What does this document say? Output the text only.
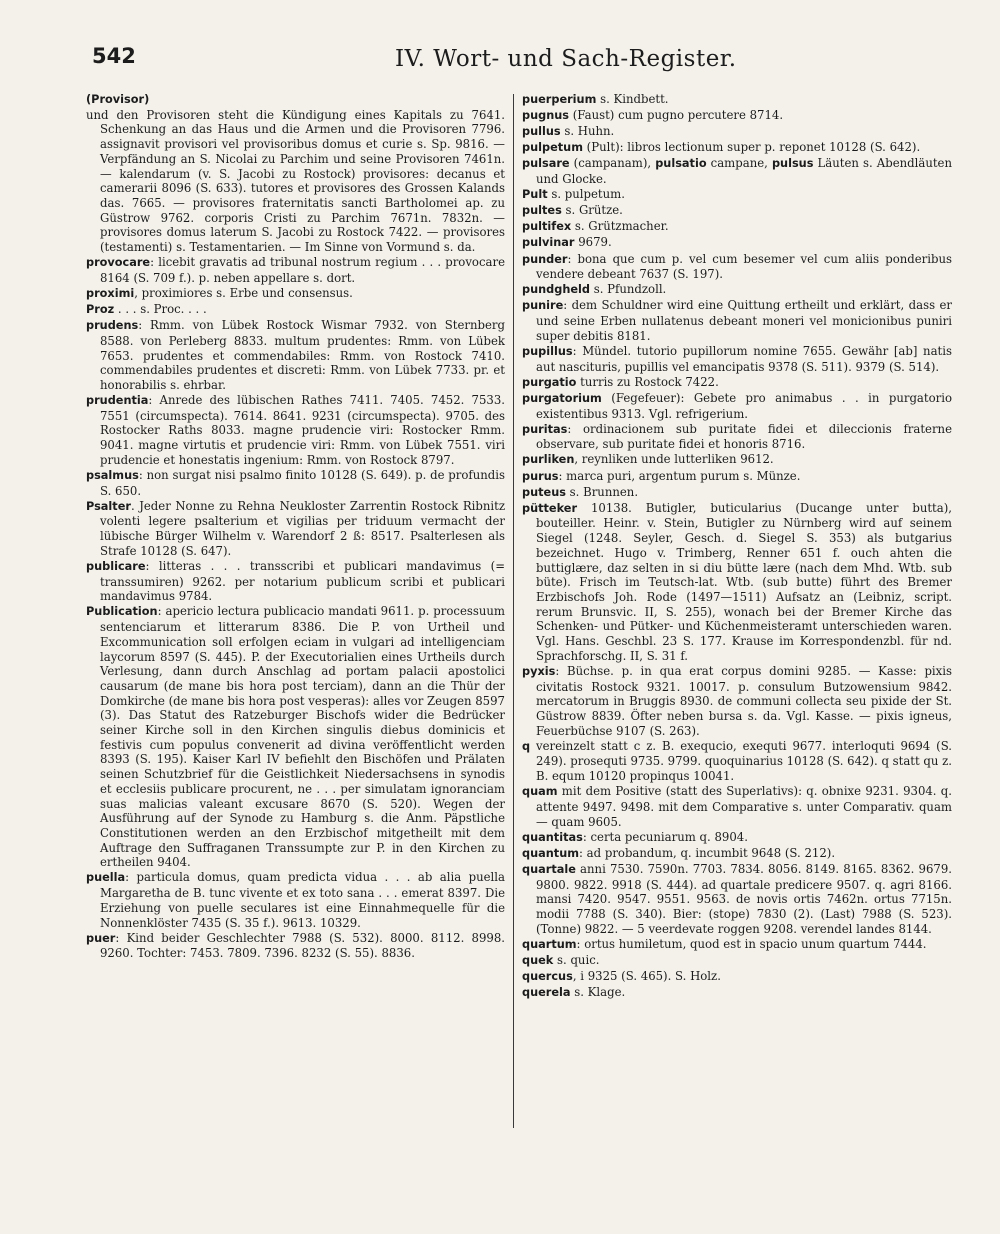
542	IV. Wort- und Sach-Register.
(Provisor)
und den Provisoren steht die Kündigung eines Kapitals zu 7641. Schenkung an das Haus und die Armen und die Provisoren 7796. assignavit provisori vel provisoribus domus et curie s. Sp. 9816. — Verpfändung an S. Nicolai zu Parchim und seine Provisoren 7461n. — kalendarum (v. S. Jacobi zu Rostock) provisores: decanus et camerarii 8096 (S. 633). tutores et provisores des Grossen Kalands das. 7665. — provisores fraternitatis sancti Bartholomei ap. zu Güstrow 9762. corporis Cristi zu Parchim 7671n. 7832n. — provisores domus laterum S. Jacobi zu Rostock 7422. — provisores (testamenti) s. Testamentarien. — Im Sinne von Vormund s. da.
provocare: licebit gravatis ad tribunal nostrum regium . . . provocare 8164 (S. 709 f.). p. neben appellare s. dort.
proximi, proximiores s. Erbe und consensus.
Proz . . . s. Proc. . . .
prudens: Rmm. von Lübek Rostock Wismar 7932. von Sternberg 8588. von Perleberg 8833. multum prudentes: Rmm. von Lübek 7653. prudentes et commendabiles: Rmm. von Rostock 7410. commendabiles prudentes et discreti: Rmm. von Lübek 7733. pr. et honorabilis s. ehrbar.
prudentia: Anrede des lübischen Rathes 7411. 7405. 7452. 7533. 7551 (circumspecta). 7614. 8641. 9231 (circumspecta). 9705. des Rostocker Raths 8033. magne prudencie viri: Rostocker Rmm. 9041. magne virtutis et prudencie viri: Rmm. von Lübek 7551. viri prudencie et honestatis ingenium: Rmm. von Rostock 8797.
psalmus: non surgat nisi psalmo finito 10128 (S. 649). p. de profundis S. 650.
Psalter. Jeder Nonne zu Rehna Neukloster Zarrentin Rostock Ribnitz volenti legere psalterium et vigilias per triduum vermacht der lübische Bürger Wilhelm v. Warendorf 2 ß: 8517. Psalterlesen als Strafe 10128 (S. 647).
publicare: litteras . . . transscribi et publicari mandavimus (= transsumiren) 9262. per notarium publicum scribi et publicari mandavimus 9784.
Publication: apericio lectura publicacio mandati 9611. p. processuum sentenciarum et litterarum 8386. Die P. von Urtheil und Excommunication soll erfolgen eciam in vulgari ad intelligenciam laycorum 8597 (S. 445). P. der Executorialien eines Urtheils durch Verlesung, dann durch Anschlag ad portam palacii apostolici causarum (de mane bis hora post terciam), dann an die Thür der Domkirche (de mane bis hora post vesperas): alles vor Zeugen 8597 (3). Das Statut des Ratzeburger Bischofs wider die Bedrücker seiner Kirche soll in den Kirchen singulis diebus dominicis et festivis cum populus convenerit ad divina veröffentlicht werden 8393 (S. 195). Kaiser Karl IV befiehlt den Bischöfen und Prälaten seinen Schutzbrief für die Geistlichkeit Niedersachsens in synodis et ecclesiis publicare procurent, ne . . . per simulatam ignoranciam suas malicias valeant excusare 8670 (S. 520). Wegen der Ausführung auf der Synode zu Hamburg s. die Anm. Päpstliche Constitutionen werden an den Erzbischof mitgetheilt mit dem Auftrage den Suffraganen Transsumpte zur P. in den Kirchen zu ertheilen 9404.
puella: particula domus, quam predicta vidua . . . ab alia puella Margaretha de B. tunc vivente et ex toto sana . . . emerat 8397. Die Erziehung von puelle seculares ist eine Einnahmequelle für die Nonnenklöster 7435 (S. 35 f.). 9613. 10329.
puer: Kind beider Geschlechter 7988 (S. 532). 8000. 8112. 8998. 9260. Tochter: 7453. 7809. 7396. 8232 (S. 55). 8836.
puerperium s. Kindbett.
pugnus (Faust) cum pugno percutere 8714.
pullus s. Huhn.
pulpetum (Pult): libros lectionum super p. reponet 10128 (S. 642).
pulsare (campanam), pulsatio campane, pulsus Läuten s. Abendläuten und Glocke.
Pult s. pulpetum.
pultes s. Grütze.
pultifex s. Grützmacher.
pulvinar 9679.
punder: bona que cum p. vel cum besemer vel cum aliis ponderibus vendere debeant 7637 (S. 197).
pundgheld s. Pfundzoll.
punire: dem Schuldner wird eine Quittung ertheilt und erklärt, dass er und seine Erben nullatenus debeant moneri vel monicionibus puniri super debitis 8181.
pupillus: Mündel. tutorio pupillorum nomine 7655. Gewähr [ab] natis aut nascituris, pupillis vel emancipatis 9378 (S. 511). 9379 (S. 514).
purgatio turris zu Rostock 7422.
purgatorium (Fegefeuer): Gebete pro animabus . . in purgatorio existentibus 9313. Vgl. refrigerium.
puritas: ordinacionem sub puritate fidei et dileccionis fraterne observare, sub puritate fidei et honoris 8716.
purliken, reynliken unde lutterliken 9612.
purus: marca puri, argentum purum s. Münze.
puteus s. Brunnen.
pütteker 10138. Butigler, buticularius (Ducange unter butta), bouteiller. Heinr. v. Stein, Butigler zu Nürnberg wird auf seinem Siegel (1248. Seyler, Gesch. d. Siegel S. 353) als butgarius bezeichnet. Hugo v. Trimberg, Renner 651 f. ouch ahten die buttiglære, daz selten in si diu bütte lære (nach dem Mhd. Wtb. sub büte). Frisch im Teutsch-lat. Wtb. (sub butte) führt des Bremer Erzbischofs Joh. Rode (1497—1511) Aufsatz an (Leibniz, script. rerum Brunsvic. II, S. 255), wonach bei der Bremer Kirche das Schenken- und Pütker- und Küchenmeisteramt unterschieden waren. Vgl. Hans. Geschbl. 23 S. 177. Krause im Korrespondenzbl. für nd. Sprachforschg. II, S. 31 f.
pyxis: Büchse. p. in qua erat corpus domini 9285. — Kasse: pixis civitatis Rostock 9321. 10017. p. consulum Butzowensium 9842. mercatorum in Bruggis 8930. de communi collecta seu pixide der St. Güstrow 8839. Öfter neben bursa s. da. Vgl. Kasse. — pixis igneus, Feuerbüchse 9107 (S. 263).
q vereinzelt statt c z. B. exequcio, exequti 9677. interloquti 9694 (S. 249). prosequti 9735. 9799. quoquinarius 10128 (S. 642). q statt qu z. B. equm 10120 propinqus 10041.
quam mit dem Positive (statt des Superlativs): q. obnixe 9231. 9304. q. attente 9497. 9498. mit dem Comparative s. unter Comparativ. quam — quam 9605.
quantitas: certa pecuniarum q. 8904.
quantum: ad probandum, q. incumbit 9648 (S. 212).
quartale anni 7530. 7590n. 7703. 7834. 8056. 8149. 8165. 8362. 9679. 9800. 9822. 9918 (S. 444). ad quartale predicere 9507. q. agri 8166. mansi 7420. 9547. 9551. 9563. de novis ortis 7462n. ortus 7715n. modii 7788 (S. 340). Bier: (stope) 7830 (2). (Last) 7988 (S. 523). (Tonne) 9822. — 5 veerdevate roggen 9208. verendel landes 8144.
quartum: ortus humiletum, quod est in spacio unum quartum 7444.
quek s. quic.
quercus, i 9325 (S. 465). S. Holz.
querela s. Klage.
